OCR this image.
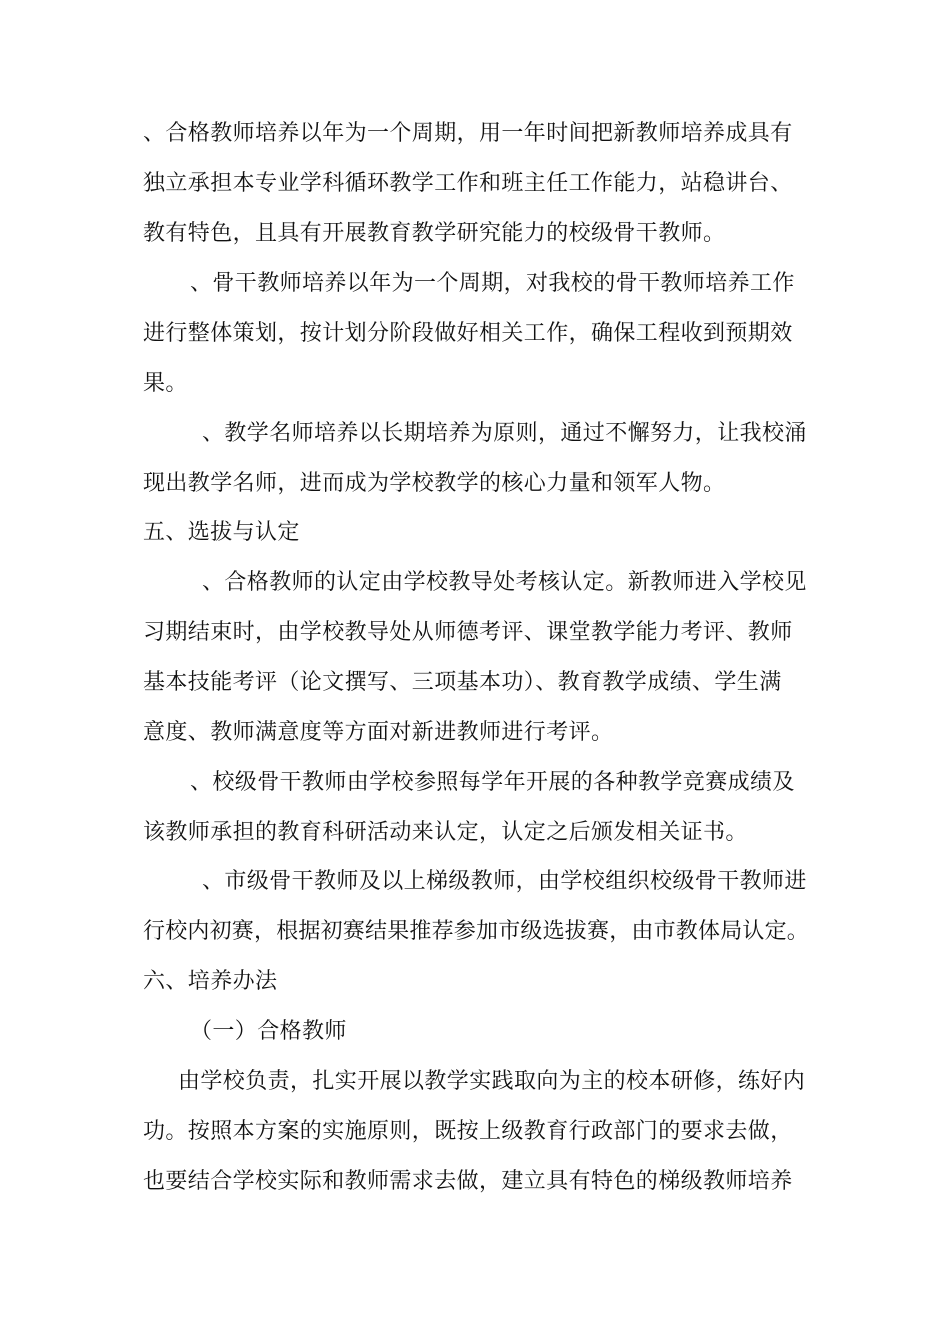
、合格教师培养以年为一个周期，用一年时间把新教师培养成具有
独立承担本专业学科循环教学工作和班主任工作能力，站稳讲台、
教有特色，且具有开展教育教学研究能力的校级骨干教师。
、骨干教师培养以年为一个周期，对我校的骨干教师培养工作
进行整体策划，按计划分阶段做好相关工作，确保工程收到预期效
果。
、教学名师培养以长期培养为原则，通过不懈努力，让我校涌
现出教学名师，进而成为学校教学的核心力量和领军人物。
五、选拔与认定
、合格教师的认定由学校教导处考核认定。新教师进入学校见
习期结束时，由学校教导处从师德考评、课堂教学能力考评、教师
基本技能考评（论文撰写、三项基本功）、教育教学成绩、学生满
意度、教师满意度等方面对新进教师进行考评。
、校级骨干教师由学校参照每学年开展的各种教学竞赛成绩及
该教师承担的教育科研活动来认定，认定之后颁发相关证书。
、市级骨干教师及以上梯级教师，由学校组织校级骨干教师进
行校内初赛，根据初赛结果推荐参加市级选拔赛，由市教体局认定。
六、培养办法
（一）合格教师
由学校负责，扎实开展以教学实践取向为主的校本研修，练好内
功。按照本方案的实施原则，既按上级教育行政部门的要求去做，
也要结合学校实际和教师需求去做，建立具有特色的梯级教师培养
